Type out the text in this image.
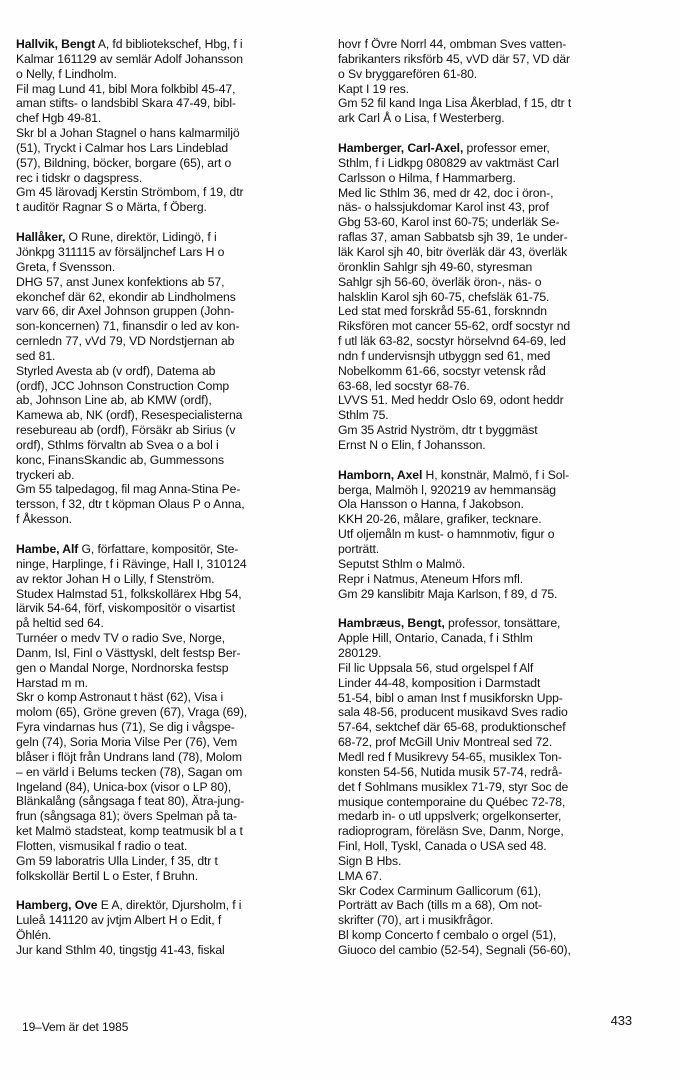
Hallvik, Bengt A, fd bibliotekschef, Hbg, f i
Kalmar 161129 av semlär Adolf Johansson
o Nelly, f Lindholm.
Fil mag Lund 41, bibl Mora folkbibl 45-47,
aman stifts- o landsbibl Skara 47-49, bibl-
chef Hgb 49-81.
Skr bl a Johan Stagnel o hans kalmarmiljö
(51), Tryckt i Calmar hos Lars Lindeblad
(57), Bildning, böcker, borgare (65), art o
rec i tidskr o dagspress.
Gm 45 lärovadj Kerstin Strömbom, f 19, dtr
t auditör Ragnar S o Märta, f Öberg.
Hallåker, O Rune, direktör, Lidingö, f i
Jönkpg 311115 av försäljnchef Lars H o
Greta, f Svensson.
DHG 57, anst Junex konfektions ab 57,
ekonchef där 62, ekondir ab Lindholmens
varv 66, dir Axel Johnson gruppen (John-
son-koncernen) 71, finansdir o led av kon-
cernledn 77, vVd 79, VD Nordstjernan ab
sed 81.
Styrled Avesta ab (v ordf), Datema ab
(ordf), JCC Johnson Construction Comp
ab, Johnson Line ab, ab KMW (ordf),
Kamewa ab, NK (ordf), Resespecialisterna
resebureau ab (ordf), Försäkr ab Sirius (v
ordf), Sthlms förvaltn ab Svea o a bol i
konc, FinansSkandic ab, Gummessons
tryckeri ab.
Gm 55 talpedagog, fil mag Anna-Stina Pe-
tersson, f 32, dtr t köpman Olaus P o Anna,
f Åkesson.
Hambe, Alf G, författare, kompositör, Ste-
ninge, Harplinge, f i Rävinge, Hall I, 310124
av rektor Johan H o Lilly, f Stenström.
Studex Halmstad 51, folkskollärex Hbg 54,
lärvik 54-64, förf, viskompositör o visartist
på heltid sed 64.
Turnéer o medv TV o radio Sve, Norge,
Danm, Isl, Finl o Västtyskl, delt festsp Ber-
gen o Mandal Norge, Nordnorska festsp
Harstad m m.
Skr o komp Astronaut t häst (62), Visa i
molom (65), Gröne greven (67), Vraga (69),
Fyra vindarnas hus (71), Se dig i vågspe-
geln (74), Soria Moria Vilse Per (76), Vem
blåser i flöjt från Undrans land (78), Molom
– en värld i Belums tecken (78), Sagan om
Ingeland (84), Unica-box (visor o LP 80),
Blänkalång (sångsaga f teat 80), Ätra-jung-
frun (sångsaga 81); övers Spelman på ta-
ket Malmö stadsteat, komp teatmusik bl a t
Flotten, vismusikal f radio o teat.
Gm 59 laboratris Ulla Linder, f 35, dtr t
folkskollär Bertil L o Ester, f Bruhn.
Hamberg, Ove E A, direktör, Djursholm, f i
Luleå 141120 av jvtjm Albert H o Edit, f
Öhlén.
Jur kand Sthlm 40, tingstjg 41-43, fiskal
hovr f Övre Norrl 44, ombman Sves vatten-
fabrikanters riksförb 45, vVD där 57, VD där
o Sv bryggarefören 61-80.
Kapt I 19 res.
Gm 52 fil kand Inga Lisa Åkerblad, f 15, dtr t
ark Carl Å o Lisa, f Westerberg.
Hamberger, Carl-Axel, professor emer,
Sthlm, f i Lidkpg 080829 av vaktmäst Carl
Carlsson o Hilma, f Hammarberg.
Med lic Sthlm 36, med dr 42, doc i öron-,
näs- o halssjukdomar Karol inst 43, prof
Gbg 53-60, Karol inst 60-75; underläk Se-
raflas 37, aman Sabbatsb sjh 39, 1e under-
läk Karol sjh 40, bitr överläk där 43, överläk
öronklin Sahlgr sjh 49-60, styresman
Sahlgr sjh 56-60, överläk öron-, näs- o
halsklin Karol sjh 60-75, chefsläk 61-75.
Led stat med forskråd 55-61, forsknndn
Riksfören mot cancer 55-62, ordf socstyr nd
f utl läk 63-82, socstyr hörselvnd 64-69, led
ndn f undervisnsjh utbyggn sed 61, med
Nobelkomm 61-66, socstyr vetensk råd
63-68, led socstyr 68-76.
LVVS 51. Med heddr Oslo 69, odont heddr
Sthlm 75.
Gm 35 Astrid Nyström, dtr t byggmäst
Ernst N o Elin, f Johansson.
Hamborn, Axel H, konstnär, Malmö, f i Sol-
berga, Malmöh l, 920219 av hemmansäg
Ola Hansson o Hanna, f Jakobson.
KKH 20-26, målare, grafiker, tecknare.
Utf oljemåln m kust- o hamnmotiv, figur o
porträtt.
Seputst Sthlm o Malmö.
Repr i Natmus, Ateneum Hfors mfl.
Gm 29 kanslibitr Maja Karlson, f 89, d 75.
Hambræus, Bengt, professor, tonsättare,
Apple Hill, Ontario, Canada, f i Sthlm
280129.
Fil lic Uppsala 56, stud orgelspel f Alf
Linder 44-48, komposition i Darmstadt
51-54, bibl o aman Inst f musikforskn Upp-
sala 48-56, producent musikavd Sves radio
57-64, sektchef där 65-68, produktionschef
68-72, prof McGill Univ Montreal sed 72.
Medl red f Musikrevy 54-65, musiklex Ton-
konsten 54-56, Nutida musik 57-74, redrå-
det f Sohlmans musiklex 71-79, styr Soc de
musique contemporaine du Québec 72-78,
medarb in- o utl uppslverk; orgelkonserter,
radioprogram, föreläsn Sve, Danm, Norge,
Finl, Holl, Tyskl, Canada o USA sed 48.
Sign B Hbs.
LMA 67.
Skr Codex Carminum Gallicorum (61),
Porträtt av Bach (tills m a 68), Om not-
skrifter (70), art i musikfrågor.
Bl komp Concerto f cembalo o orgel (51),
Giuoco del cambio (52-54), Segnali (56-60),
19–Vem är det 1985	433
